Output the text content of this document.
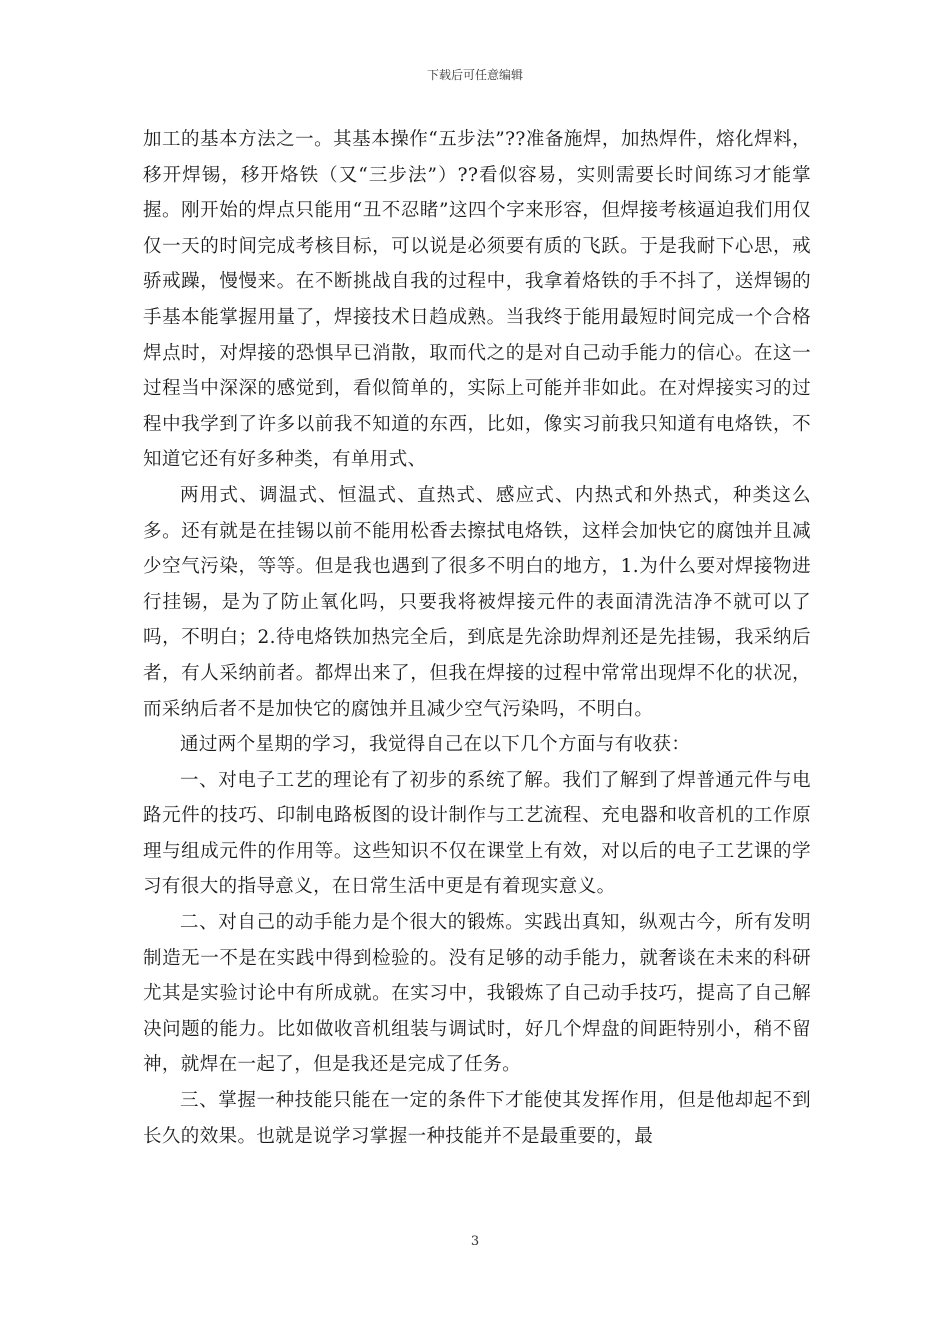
下载后可任意编辑

加工的基本方法之一。其基本操作“五步法”??准备施焊，加热焊件，熔化焊料，移开焊锡，移开烙铁（又“三步法”）??看似容易，实则需要长时间练习才能掌握。刚开始的焊点只能用“丑不忍睹”这四个字来形容，但焊接考核逼迫我们用仅仅一天的时间完成考核目标，可以说是必须要有质的飞跃。于是我耐下心思，戒骄戒躁，慢慢来。在不断挑战自我的过程中，我拿着烙铁的手不抖了，送焊锡的手基本能掌握用量了，焊接技术日趋成熟。当我终于能用最短时间完成一个合格焊点时，对焊接的恐惧早已消散，取而代之的是对自己动手能力的信心。在这一过程当中深深的感觉到，看似简单的，实际上可能并非如此。在对焊接实习的过程中我学到了许多以前我不知道的东西，比如，像实习前我只知道有电烙铁，不知道它还有好多种类，有单用式、

两用式、调温式、恒温式、直热式、感应式、内热式和外热式，种类这么多。还有就是在挂锡以前不能用松香去擦拭电烙铁，这样会加快它的腐蚀并且减少空气污染，等等。但是我也遇到了很多不明白的地方，1.为什么要对焊接物进行挂锡，是为了防止氧化吗，只要我将被焊接元件的表面清洗洁净不就可以了吗，不明白；2.待电烙铁加热完全后，到底是先涂助焊剂还是先挂锡，我采纳后者，有人采纳前者。都焊出来了，但我在焊接的过程中常常出现焊不化的状况，而采纳后者不是加快它的腐蚀并且减少空气污染吗，不明白。

通过两个星期的学习，我觉得自己在以下几个方面与有收获：

一、对电子工艺的理论有了初步的系统了解。我们了解到了焊普通元件与电路元件的技巧、印制电路板图的设计制作与工艺流程、充电器和收音机的工作原理与组成元件的作用等。这些知识不仅在课堂上有效，对以后的电子工艺课的学习有很大的指导意义，在日常生活中更是有着现实意义。

二、对自己的动手能力是个很大的锻炼。实践出真知，纵观古今，所有发明制造无一不是在实践中得到检验的。没有足够的动手能力，就奢谈在未来的科研尤其是实验讨论中有所成就。在实习中，我锻炼了自己动手技巧，提高了自己解决问题的能力。比如做收音机组装与调试时，好几个焊盘的间距特别小，稍不留神，就焊在一起了，但是我还是完成了任务。

三、掌握一种技能只能在一定的条件下才能使其发挥作用，但是他却起不到长久的效果。也就是说学习掌握一种技能并不是最重要的，最

3
